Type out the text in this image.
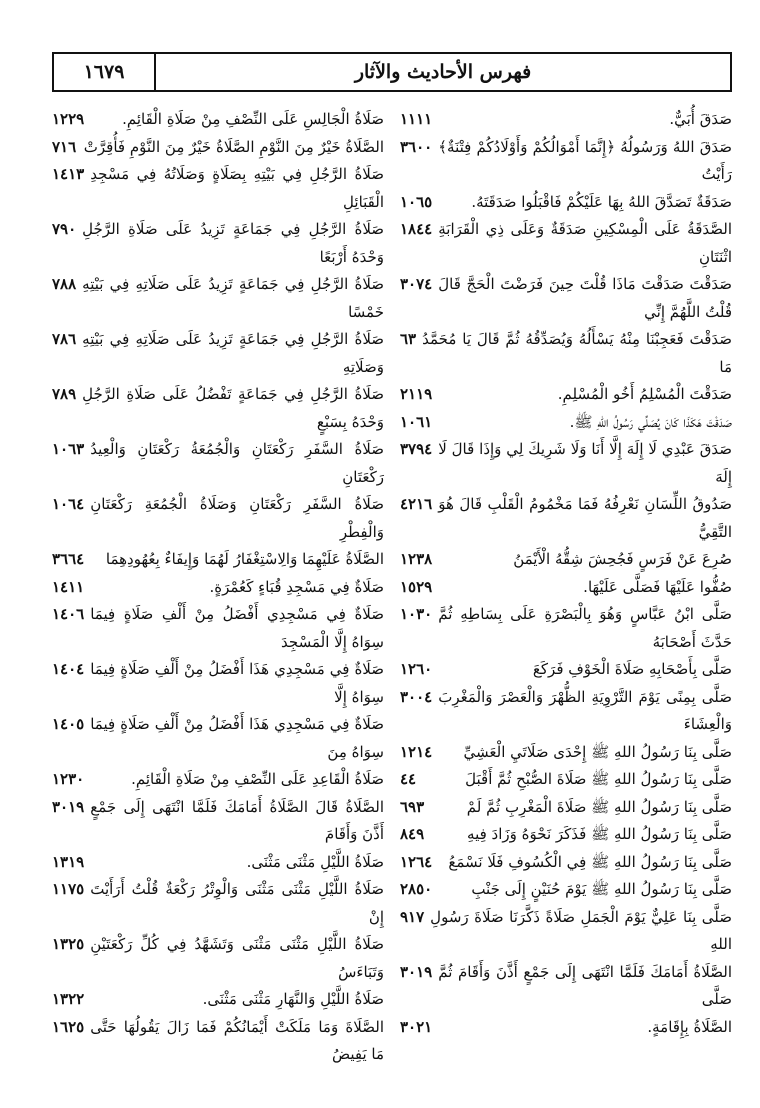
فهرس الأحاديث والآثار
١٦٧٩
١١١١	صَدَقَ أُبَيٌّ.
٣٦٠٠ صَدَقَ اللهُ وَرَسُولُهُ ﴿إِنَّمَا أَمْوَالُكُمْ وَأَوْلَادُكُمْ فِتْنَةٌ﴾ رَأَيْتُ
١٠٦٥	صَدَقَةٌ تَصَدَّقَ اللهُ بِهَا عَلَيْكُمْ فَاقْبَلُوا صَدَقَتَهُ.
١٨٤٤ الصَّدَقَةُ عَلَى الْمِسْكِينِ صَدَقَةٌ وَعَلَى ذِي الْقَرَابَةِ اثْنَتَانِ
٣٠٧٤ صَدَقْتَ صَدَقْتَ مَاذَا قُلْتَ حِينَ فَرَضْتَ الْحَجَّ قَالَ قُلْتُ اللَّهُمَّ إِنِّي
٦٣ صَدَقْتَ فَعَجِبْنَا مِنْهُ يَسْأَلُهُ وَيُصَدِّقُهُ ثُمَّ قَالَ يَا مُحَمَّدُ مَا
٢١١٩	صَدَقْتَ الْمُسْلِمُ أَخُو الْمُسْلِمِ.
١٠٦١	صَدَقْتَ هَكَذَا كَانَ يُصَلِّي رَسُولُ اللهِ ﷺ.
٣٧٩٤ صَدَقَ عَبْدِي لَا إِلَهَ إِلَّا أَنَا وَلَا شَرِيكَ لِي وَإِذَا قَالَ لَا إِلَهَ
٤٢١٦ صَدُوقُ اللِّسَانِ نَعْرِفُهُ فَمَا مَخْمُومُ الْقَلْبِ قَالَ هُوَ التَّقِيُّ
١٢٣٨	صُرِعَ عَنْ فَرَسٍ فَجُحِشَ شِقُّهُ الْأَيْمَنُ
١٥٢٩	صُفُّوا عَلَيْهَا فَصَلَّى عَلَيْهَا.
١٠٣٠ صَلَّى ابْنُ عَبَّاسٍ وَهُوَ بِالْبَصْرَةِ عَلَى بِسَاطِهِ ثُمَّ حَدَّثَ أَصْحَابَهُ
١٢٦٠	صَلَّى بِأَصْحَابِهِ صَلَاةَ الْخَوْفِ فَرَكَعَ
٣٠٠٤ صَلَّى بِمِنًى يَوْمَ التَّرْوِيَةِ الظُّهْرَ وَالْعَصْرَ وَالْمَغْرِبَ وَالْعِشَاءَ
١٢١٤ صَلَّى بِنَا رَسُولُ اللهِ ﷺ إِحْدَى صَلَاتَيِ الْعَشِيِّ
٤٤	صَلَّى بِنَا رَسُولُ اللهِ ﷺ صَلَاةَ الصُّبْحِ ثُمَّ أَقْبَلَ
٦٩٣	صَلَّى بِنَا رَسُولُ اللهِ ﷺ صَلَاةَ الْمَغْرِبِ ثُمَّ لَمْ
٨٤٩	صَلَّى بِنَا رَسُولُ اللهِ ﷺ فَذَكَرَ نَحْوَهُ وَزَادَ فِيهِ
١٢٦٤ صَلَّى بِنَا رَسُولُ اللهِ ﷺ فِي الْكُسُوفِ فَلَا نَسْمَعُ
٢٨٥٠	صَلَّى بِنَا رَسُولُ اللهِ ﷺ يَوْمَ حُنَيْنٍ إِلَى جَنْبِ
٩١٧ صَلَّى بِنَا عَلِيٌّ يَوْمَ الْجَمَلِ صَلَاةً ذَكَّرَنَا صَلَاةَ رَسُولِ اللهِ
٣٠١٩ الصَّلَاةُ أَمَامَكَ فَلَمَّا انْتَهَى إِلَى جَمْعٍ أَذَّنَ وَأَقَامَ ثُمَّ صَلَّى
٣٠٢١	الصَّلَاةُ بِإِقَامَةٍ.
١٢٢٩	صَلَاةُ الْجَالِسِ عَلَى النِّصْفِ مِنْ صَلَاةِ الْقَائِمِ.
٧١٦ الصَّلَاةُ خَيْرٌ مِنَ النَّوْمِ الصَّلَاةُ خَيْرٌ مِنَ النَّوْمِ فَأُقِرَّتْ
١٤١٣ صَلَاةُ الرَّجُلِ فِي بَيْتِهِ بِصَلَاةٍ وَصَلَاتُهُ فِي مَسْجِدِ الْقَبَائِلِ
٧٩٠ صَلَاةُ الرَّجُلِ فِي جَمَاعَةٍ تَزِيدُ عَلَى صَلَاةِ الرَّجُلِ وَحْدَهُ أَرْبَعًا
٧٨٨ صَلَاةُ الرَّجُلِ فِي جَمَاعَةٍ تَزِيدُ عَلَى صَلَاتِهِ فِي بَيْتِهِ خَمْسًا
٧٨٦ صَلَاةُ الرَّجُلِ فِي جَمَاعَةٍ تَزِيدُ عَلَى صَلَاتِهِ فِي بَيْتِهِ وَصَلَاتِهِ
٧٨٩ صَلَاةُ الرَّجُلِ فِي جَمَاعَةٍ تَفْضُلُ عَلَى صَلَاةِ الرَّجُلِ وَحْدَهُ بِسَبْعٍ
١٠٦٣ صَلَاةُ السَّفَرِ رَكْعَتَانِ وَالْجُمُعَةُ رَكْعَتَانِ وَالْعِيدُ رَكْعَتَانِ
١٠٦٤ صَلَاةُ السَّفَرِ رَكْعَتَانِ وَصَلَاةُ الْجُمُعَةِ رَكْعَتَانِ وَالْفِطْرِ
٣٦٦٤ الصَّلَاةُ عَلَيْهِمَا وَالِاسْتِغْفَارُ لَهُمَا وَإِيفَاءٌ بِعُهُودِهِمَا
١٤١١	صَلَاةٌ فِي مَسْجِدِ قُبَاءٍ كَعُمْرَةٍ.
١٤٠٦ صَلَاةٌ فِي مَسْجِدِي أَفْضَلُ مِنْ أَلْفِ صَلَاةٍ فِيمَا سِوَاهُ إِلَّا الْمَسْجِدَ
١٤٠٤ صَلَاةٌ فِي مَسْجِدِي هَذَا أَفْضَلُ مِنْ أَلْفِ صَلَاةٍ فِيمَا سِوَاهُ إِلَّا
١٤٠٥ صَلَاةٌ فِي مَسْجِدِي هَذَا أَفْضَلُ مِنْ أَلْفِ صَلَاةٍ فِيمَا سِوَاهُ مِنَ
١٢٣٠	صَلَاةُ الْقَاعِدِ عَلَى النِّصْفِ مِنْ صَلَاةِ الْقَائِمِ.
٣٠١٩ الصَّلَاةُ قَالَ الصَّلَاةُ أَمَامَكَ فَلَمَّا انْتَهَى إِلَى جَمْعٍ أَذَّنَ وَأَقَامَ
١٣١٩	صَلَاةُ اللَّيْلِ مَثْنَى مَثْنَى.
١١٧٥ صَلَاةُ اللَّيْلِ مَثْنَى مَثْنَى وَالْوِتْرُ رَكْعَةٌ قُلْتُ أَرَأَيْتَ إِنْ
١٣٢٥ صَلَاةُ اللَّيْلِ مَثْنَى مَثْنَى وَتَشَهَّدُ فِي كُلِّ رَكْعَتَيْنِ وَتَبَاءَسُ
١٣٢٢	صَلَاةُ اللَّيْلِ وَالنَّهَارِ مَثْنَى مَثْنَى.
١٦٢٥ الصَّلَاةَ وَمَا مَلَكَتْ أَيْمَانُكُمْ فَمَا زَالَ يَقُولُهَا حَتَّى مَا يَفِيضُ
